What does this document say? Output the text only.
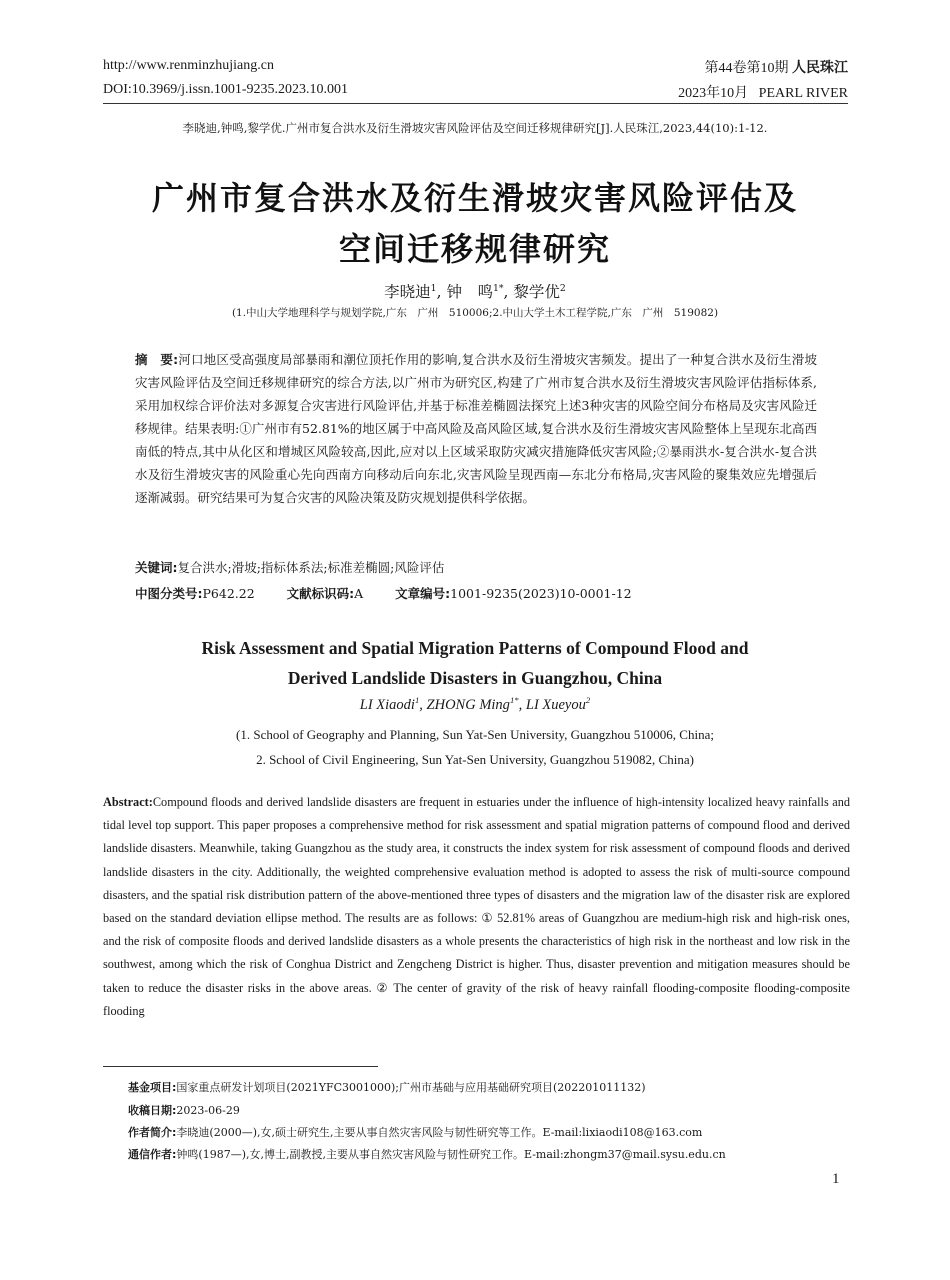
http://www.renminzhujiang.cn
DOI:10.3969/j.issn.1001-9235.2023.10.001
第44卷第10期 人民珠江
2023年10月 PEARL RIVER
李晓迪,钟鸣,黎学优.广州市复合洪水及衍生滑坡灾害风险评估及空间迁移规律研究[J].人民珠江,2023,44(10):1-12.
广州市复合洪水及衍生滑坡灾害风险评估及
空间迁移规律研究
李晓迪$^1$, 钟　鸣$^{1*}$, 黎学优$^2$
(1.中山大学地理科学与规划学院,广东　广州　510006;2.中山大学土木工程学院,广东　广州　519082)
摘　要:河口地区受高强度局部暴雨和潮位顶托作用的影响,复合洪水及衍生滑坡灾害频发。提出了一种复合洪水及衍生滑坡灾害风险评估及空间迁移规律研究的综合方法,以广州市为研究区,构建了广州市复合洪水及衍生滑坡灾害风险评估指标体系,采用加权综合评价法对多源复合灾害进行风险评估,并基于标准差椭圆法探究上述3种灾害的风险空间分布格局及灾害风险迁移规律。结果表明:①广州市有52.81%的地区属于中高风险及高风险区域,复合洪水及衍生滑坡灾害风险整体上呈现东北高西南低的特点,其中从化区和增城区风险较高,因此,应对以上区域采取防灾减灾措施降低灾害风险;②暴雨洪水-复合洪水-复合洪水及衍生滑坡灾害的风险重心先向西南方向移动后向东北,灾害风险呈现西南—东北分布格局,灾害风险的聚集效应先增强后逐渐减弱。研究结果可为复合灾害的风险决策及防灾规划提供科学依据。
关键词:复合洪水;滑坡;指标体系法;标准差椭圆;风险评估
中图分类号:P642.22	文献标识码:A	文章编号:1001-9235(2023)10-0001-12
Risk Assessment and Spatial Migration Patterns of Compound Flood and
Derived Landslide Disasters in Guangzhou, China
LI Xiaodi$^1$, ZHONG Ming$^{1*}$, LI Xueyou$^2$
(1. School of Geography and Planning, Sun Yat-Sen University, Guangzhou 510006, China;
2. School of Civil Engineering, Sun Yat-Sen University, Guangzhou 519082, China)
Abstract:Compound floods and derived landslide disasters are frequent in estuaries under the influence of high-intensity localized heavy rainfalls and tidal level top support. This paper proposes a comprehensive method for risk assessment and spatial migration patterns of compound flood and derived landslide disasters. Meanwhile, taking Guangzhou as the study area, it constructs the index system for risk assessment of compound floods and derived landslide disasters in the city. Additionally, the weighted comprehensive evaluation method is adopted to assess the risk of multi-source compound disasters, and the spatial risk distribution pattern of the above-mentioned three types of disasters and the migration law of the disaster risk are explored based on the standard deviation ellipse method. The results are as follows: ① 52.81% areas of Guangzhou are medium-high risk and high-risk ones, and the risk of composite floods and derived landslide disasters as a whole presents the characteristics of high risk in the northeast and low risk in the southwest, among which the risk of Conghua District and Zengcheng District is higher. Thus, disaster prevention and mitigation measures should be taken to reduce the disaster risks in the above areas. ② The center of gravity of the risk of heavy rainfall flooding-composite flooding-composite flooding
基金项目:国家重点研发计划项目(2021YFC3001000);广州市基础与应用基础研究项目(202201011132)
收稿日期:2023-06-29
作者简介:李晓迪(2000—),女,硕士研究生,主要从事自然灾害风险与韧性研究等工作。E-mail:lixiaodi108@163.com
通信作者:钟鸣(1987—),女,博士,副教授,主要从事自然灾害风险与韧性研究工作。E-mail:zhongm37@mail.sysu.edu.cn
1
